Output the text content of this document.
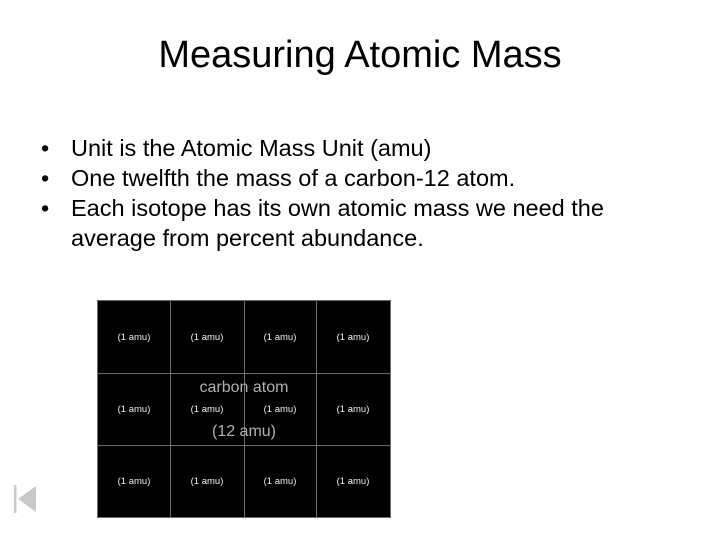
Measuring Atomic Mass
• Unit is the Atomic Mass Unit (amu)
• One twelfth the mass of a carbon-12 atom.
• Each isotope has its own atomic mass we need the average from percent abundance.
(1 amu)
(1 amu)
(1 amu)
(1 amu)
(1 amu)
(1 amu)
(1 amu)
(1 amu)
(1 amu)
(1 amu)
(1 amu)
(1 amu)
carbon atom
(12 amu)
